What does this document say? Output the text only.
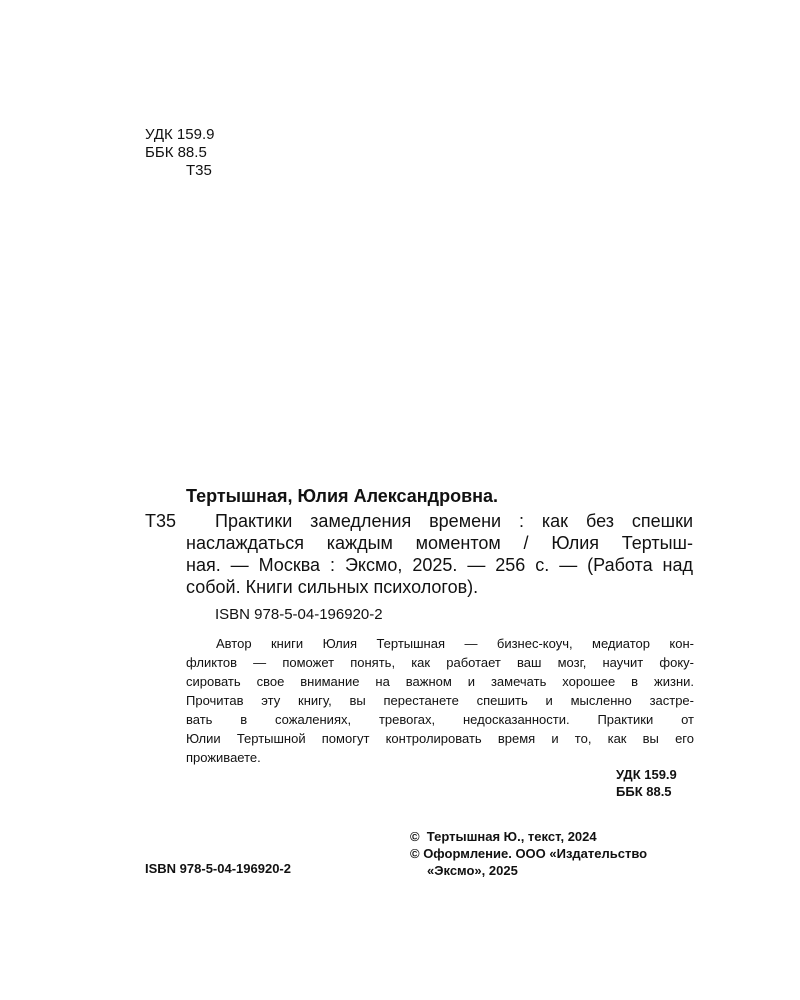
УДК 159.9
ББК 88.5
Т35
Тертышная, Юлия Александровна.
Т35 Практики замедления времени : как без спешки
наслаждаться каждым моментом / Юлия Тертыш-
ная. — Москва : Эксмо, 2025. — 256 с. — (Работа над
собой. Книги сильных психологов).
ISBN 978-5-04-196920-2
Автор книги Юлия Тертышная — бизнес-коуч, медиатор кон-
фликтов — поможет понять, как работает ваш мозг, научит фоку-
сировать свое внимание на важном и замечать хорошее в жизни.
Прочитав эту книгу, вы перестанете спешить и мысленно застре-
вать в сожалениях, тревогах, недосказанности. Практики от
Юлии Тертышной помогут контролировать время и то, как вы его
проживаете.
УДК 159.9
ББК 88.5
ISBN 978-5-04-196920-2
©  Тертышная Ю., текст, 2024
© Оформление. ООО «Издательство
«Эксмо», 2025
